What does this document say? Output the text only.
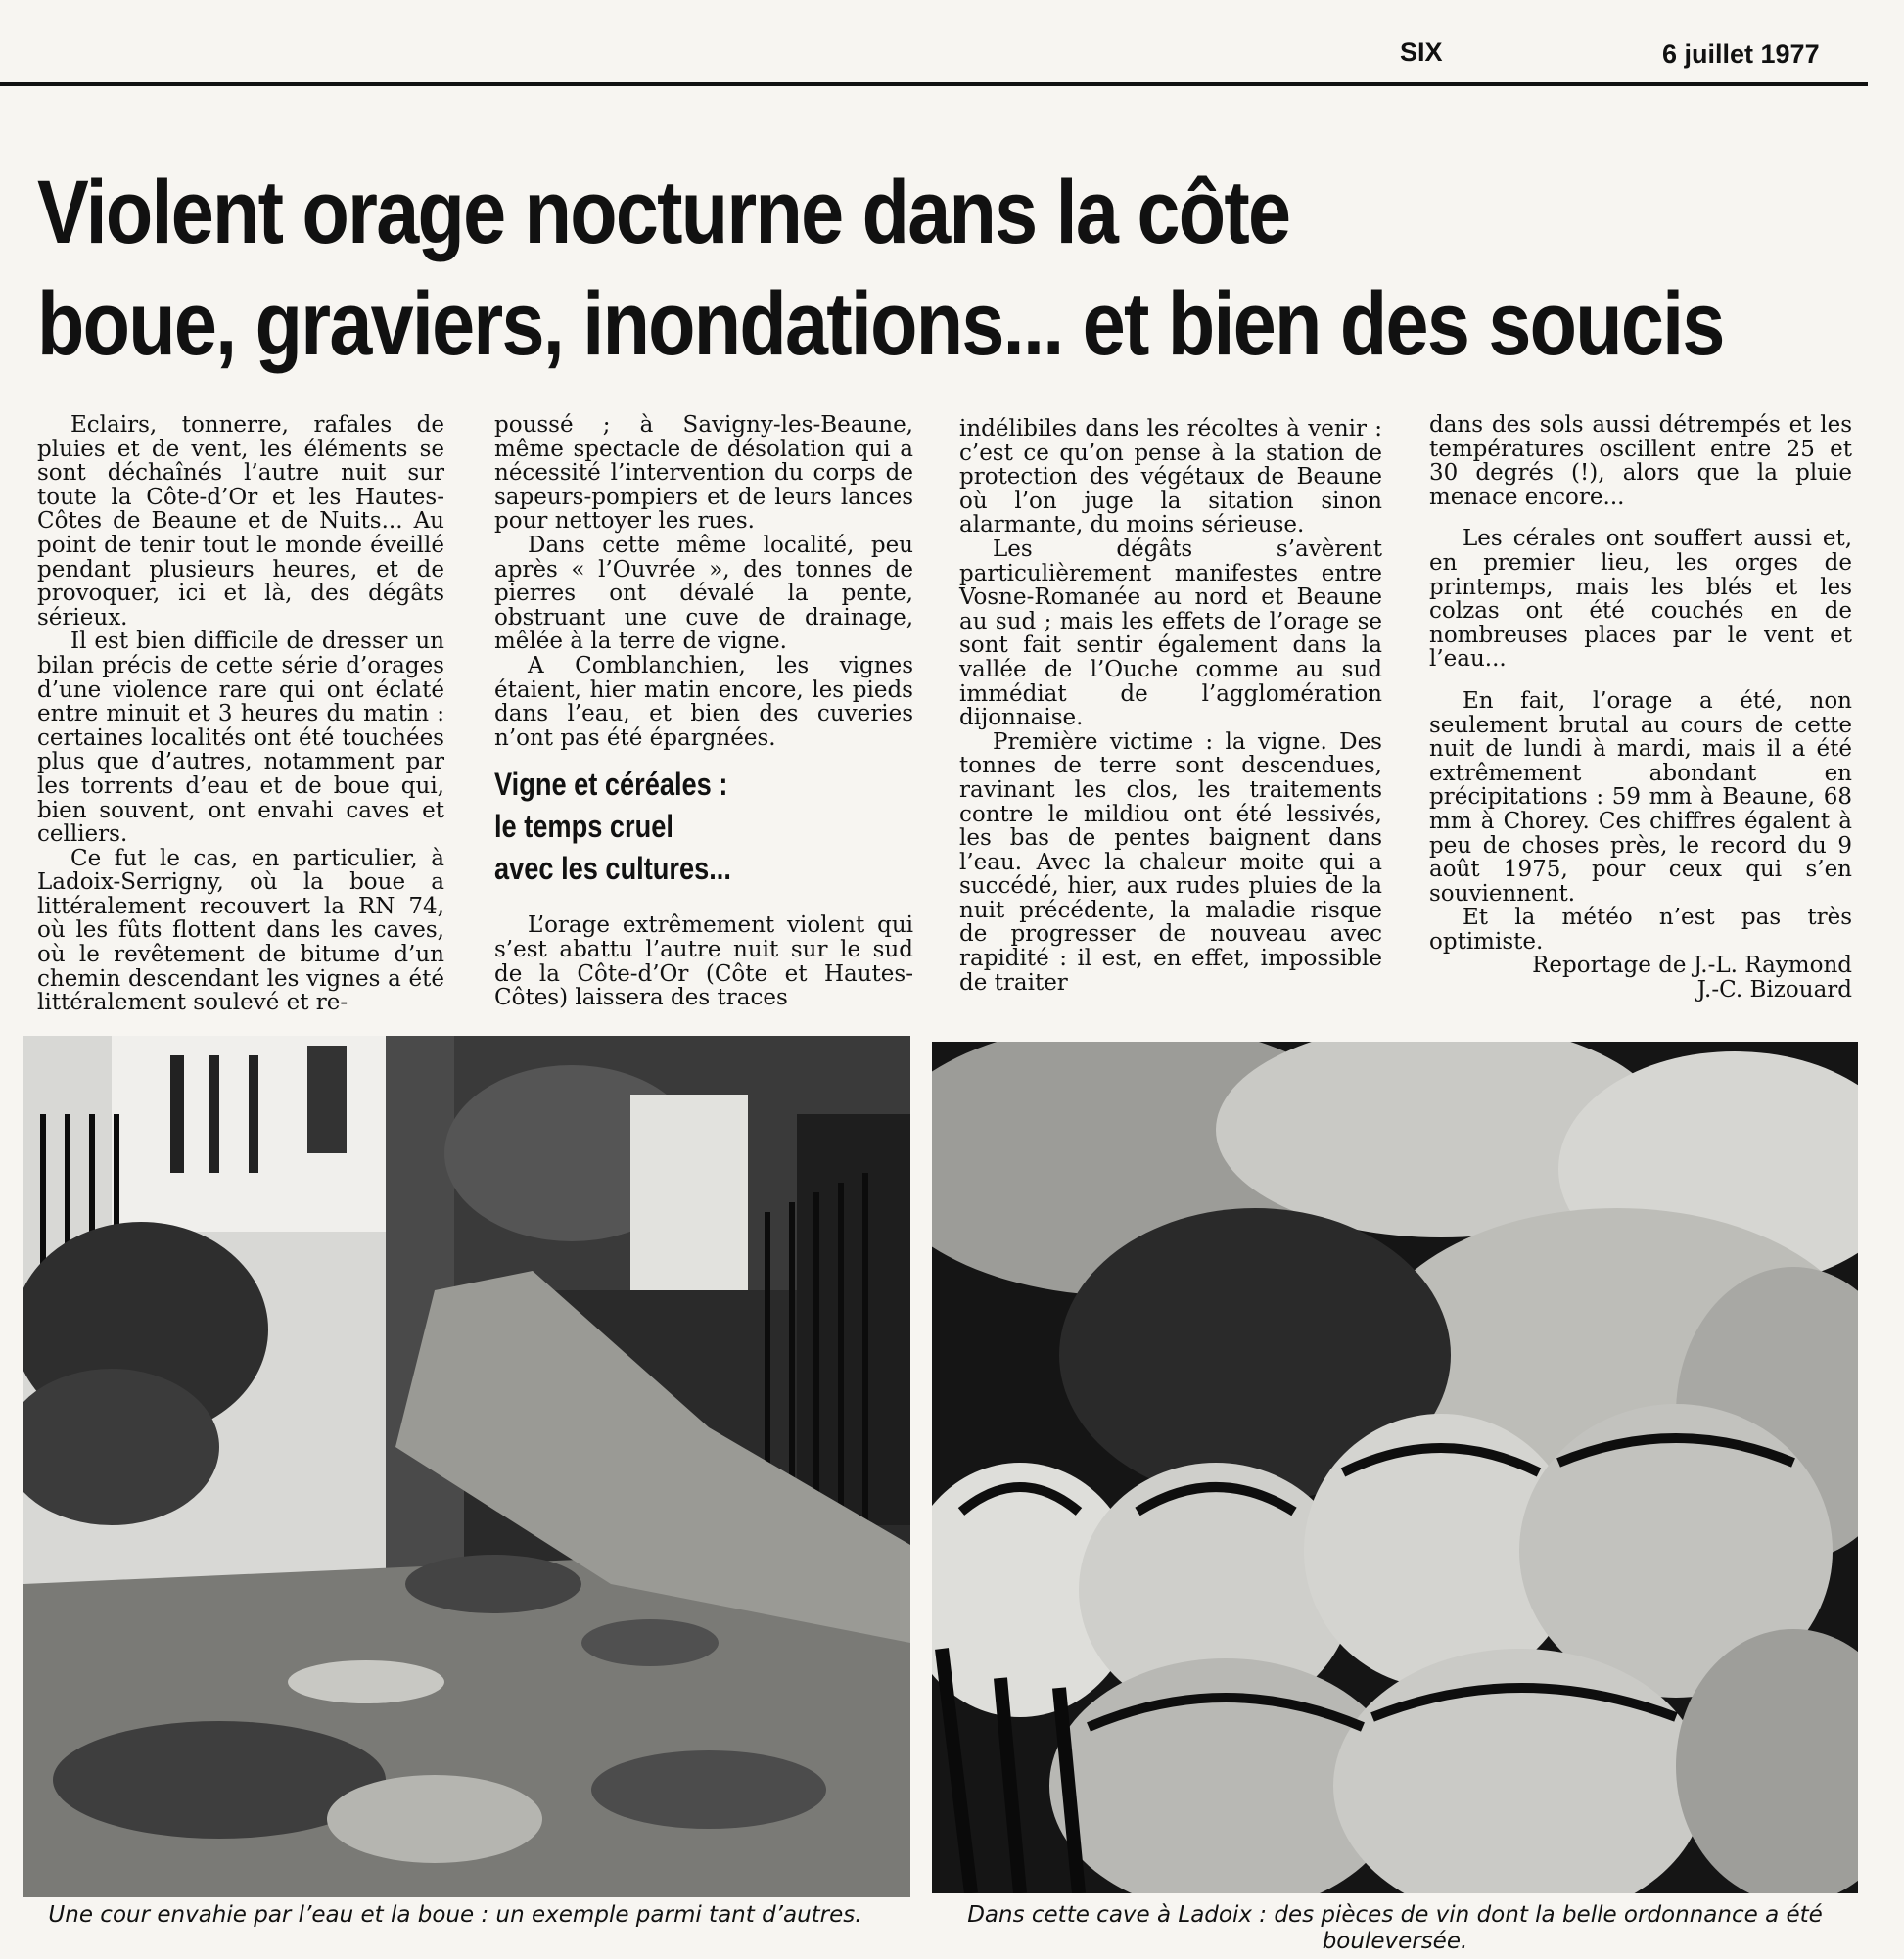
SIX	6 juillet 1977
Violent orage nocturne dans la côte
boue, graviers, inondations... et bien des soucis

Eclairs, tonnerre, rafales de pluies et de vent, les éléments se sont déchaînés l’autre nuit sur toute la Côte-d’Or et les Hautes-Côtes de Beaune et de Nuits... Au point de tenir tout le monde éveillé pendant plusieurs heures, et de provoquer, ici et là, des dégâts sérieux.

Il est bien difficile de dresser un bilan précis de cette série d’orages d’une violence rare qui ont éclaté entre minuit et 3 heures du matin : certaines localités ont été touchées plus que d’autres, notamment par les torrents d’eau et de boue qui, bien souvent, ont envahi caves et celliers.

Ce fut le cas, en particulier, à Ladoix-Serrigny, où la boue a littéralement recouvert la RN 74, où les fûts flottent dans les caves, où le revêtement de bitume d’un chemin descendant les vignes a été littéralement soulevé et re-

poussé ; à Savigny-les-Beaune, même spectacle de désolation qui a nécessité l’intervention du corps de sapeurs-pompiers et de leurs lances pour nettoyer les rues.

Dans cette même localité, peu après « l’Ouvrée », des tonnes de pierres ont dévalé la pente, obstruant une cuve de drainage, mêlée à la terre de vigne.

A Comblanchien, les vignes étaient, hier matin encore, les pieds dans l’eau, et bien des cuveries n’ont pas été épargnées.

Vigne et céréales :
le temps cruel
avec les cultures...

L’orage extrêmement violent qui s’est abattu l’autre nuit sur le sud de la Côte-d’Or (Côte et Hautes-Côtes) laissera des traces

indélibiles dans les récoltes à venir : c’est ce qu’on pense à la station de protection des végétaux de Beaune où l’on juge la sitation sinon alarmante, du moins sérieuse.

Les dégâts s’avèrent particulièrement manifestes entre Vosne-Romanée au nord et Beaune au sud ; mais les effets de l’orage se sont fait sentir également dans la vallée de l’Ouche comme au sud immédiat de l’agglomération dijonnaise.

Première victime : la vigne. Des tonnes de terre sont descendues, ravinant les clos, les traitements contre le mildiou ont été lessivés, les bas de pentes baignent dans l’eau. Avec la chaleur moite qui a succédé, hier, aux rudes pluies de la nuit précédente, la maladie risque de progresser de nouveau avec rapidité : il est, en effet, impossible de traiter

dans des sols aussi détrempés et les températures oscillent entre 25 et 30 degrés (!), alors que la pluie menace encore...

Les cérales ont souffert aussi et, en premier lieu, les orges de printemps, mais les blés et les colzas ont été couchés en de nombreuses places par le vent et l’eau...

En fait, l’orage a été, non seulement brutal au cours de cette nuit de lundi à mardi, mais il a été extrêmement abondant en précipitations : 59 mm à Beaune, 68 mm à Chorey. Ces chiffres égalent à peu de choses près, le record du 9 août 1975, pour ceux qui s’en souviennent.

Et la météo n’est pas très optimiste.

Reportage de J.-L. Raymond

J.-C. Bizouard

Une cour envahie par l’eau et la boue : un exemple parmi tant d’autres.	Dans cette cave à Ladoix : des pièces de vin dont la belle ordonnance a été bouleversée.
